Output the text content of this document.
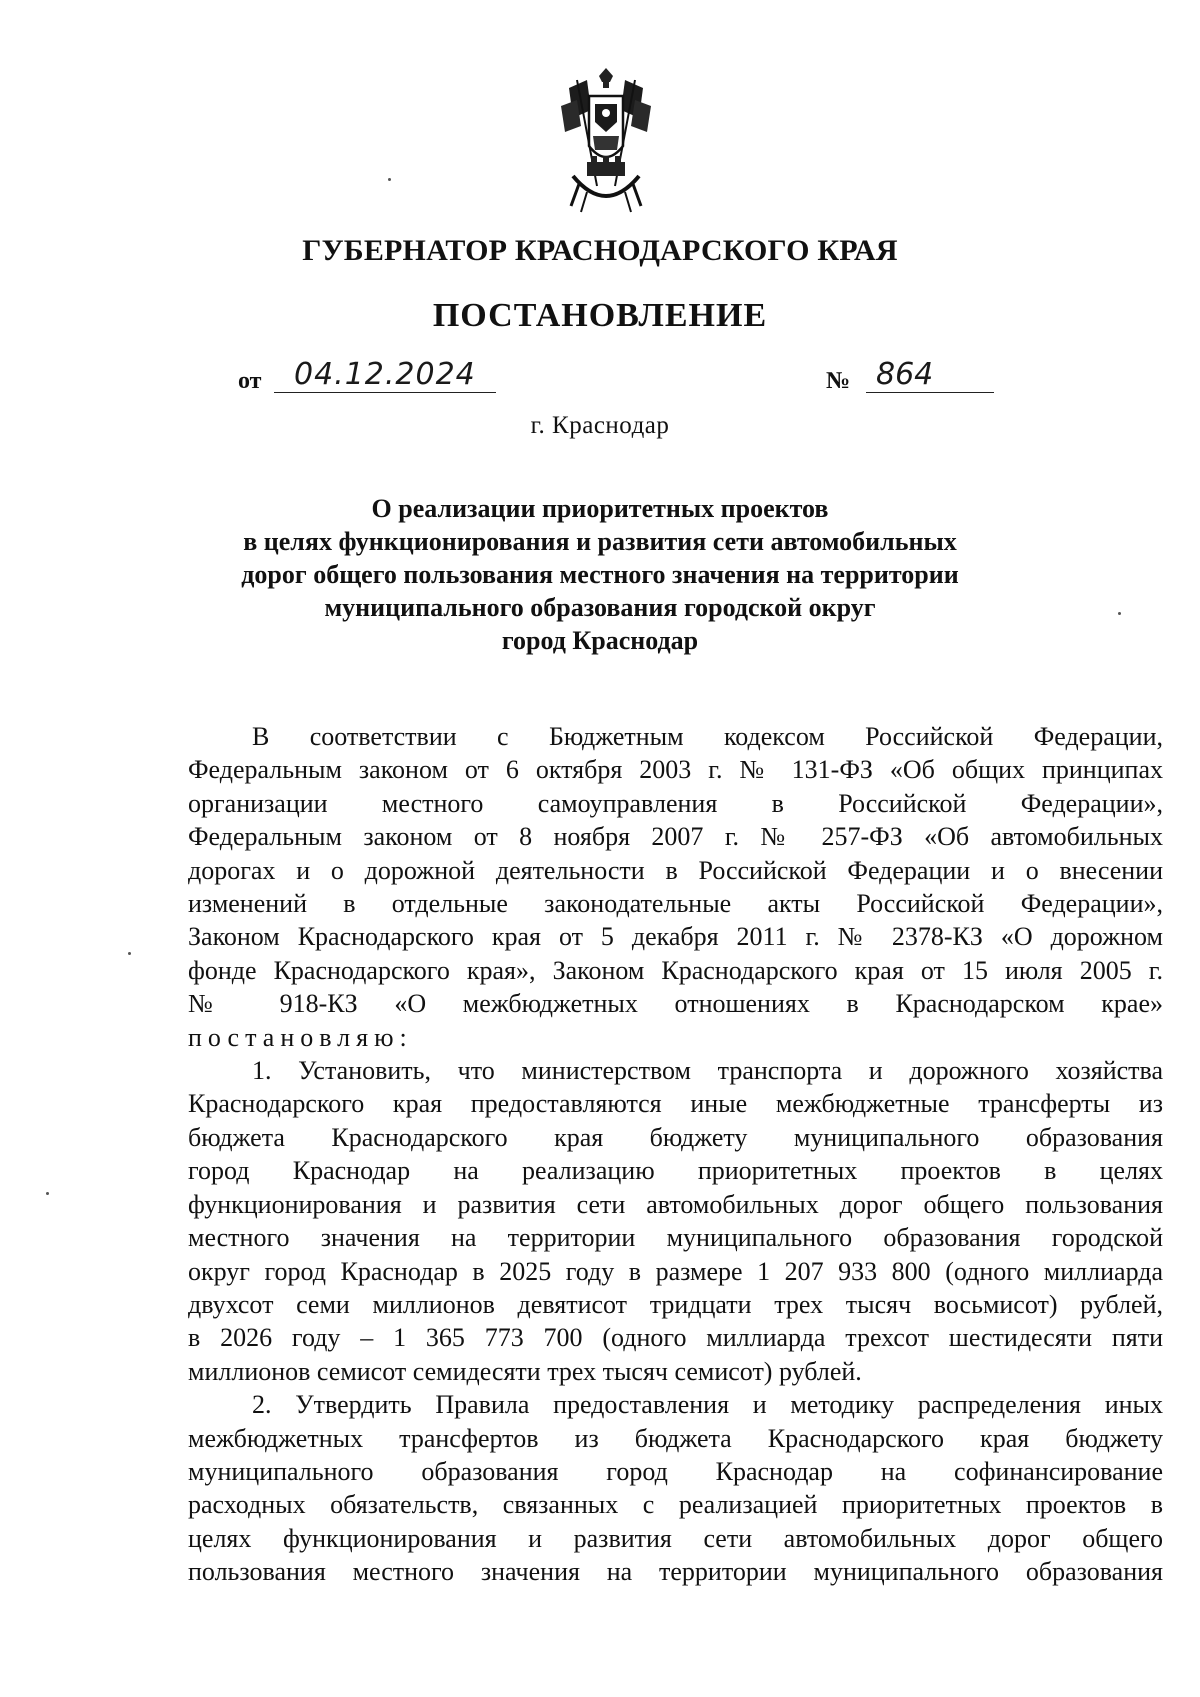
ГУБЕРНАТОР КРАСНОДАРСКОГО КРАЯ
ПОСТАНОВЛЕНИЕ
от 04.12.2024	№ 864
г. Краснодар
О реализации приоритетных проектов
в целях функционирования и развития сети автомобильных
дорог общего пользования местного значения на территории
муниципального образования городской округ
город Краснодар
В соответствии с Бюджетным кодексом Российской Федерации,
Федеральным законом от 6 октября 2003 г. № 131-ФЗ «Об общих принципах
организации местного самоуправления в Российской Федерации»,
Федеральным законом от 8 ноября 2007 г. № 257-ФЗ «Об автомобильных
дорогах и о дорожной деятельности в Российской Федерации и о внесении
изменений в отдельные законодательные акты Российской Федерации»,
Законом Краснодарского края от 5 декабря 2011 г. № 2378-КЗ «О дорожном
фонде Краснодарского края», Законом Краснодарского края от 15 июля 2005 г.
№ 918-КЗ «О межбюджетных отношениях в Краснодарском крае»
постановляю:
1. Установить, что министерством транспорта и дорожного хозяйства
Краснодарского края предоставляются иные межбюджетные трансферты из
бюджета Краснодарского края бюджету муниципального образования
город Краснодар на реализацию приоритетных проектов в целях
функционирования и развития сети автомобильных дорог общего пользования
местного значения на территории муниципального образования городской
округ город Краснодар в 2025 году в размере 1 207 933 800 (одного миллиарда
двухсот семи миллионов девятисот тридцати трех тысяч восьмисот) рублей,
в 2026 году – 1 365 773 700 (одного миллиарда трехсот шестидесяти пяти
миллионов семисот семидесяти трех тысяч семисот) рублей.
2. Утвердить Правила предоставления и методику распределения иных
межбюджетных трансфертов из бюджета Краснодарского края бюджету
муниципального образования город Краснодар на софинансирование
расходных обязательств, связанных с реализацией приоритетных проектов в
целях функционирования и развития сети автомобильных дорог общего
пользования местного значения на территории муниципального образования
